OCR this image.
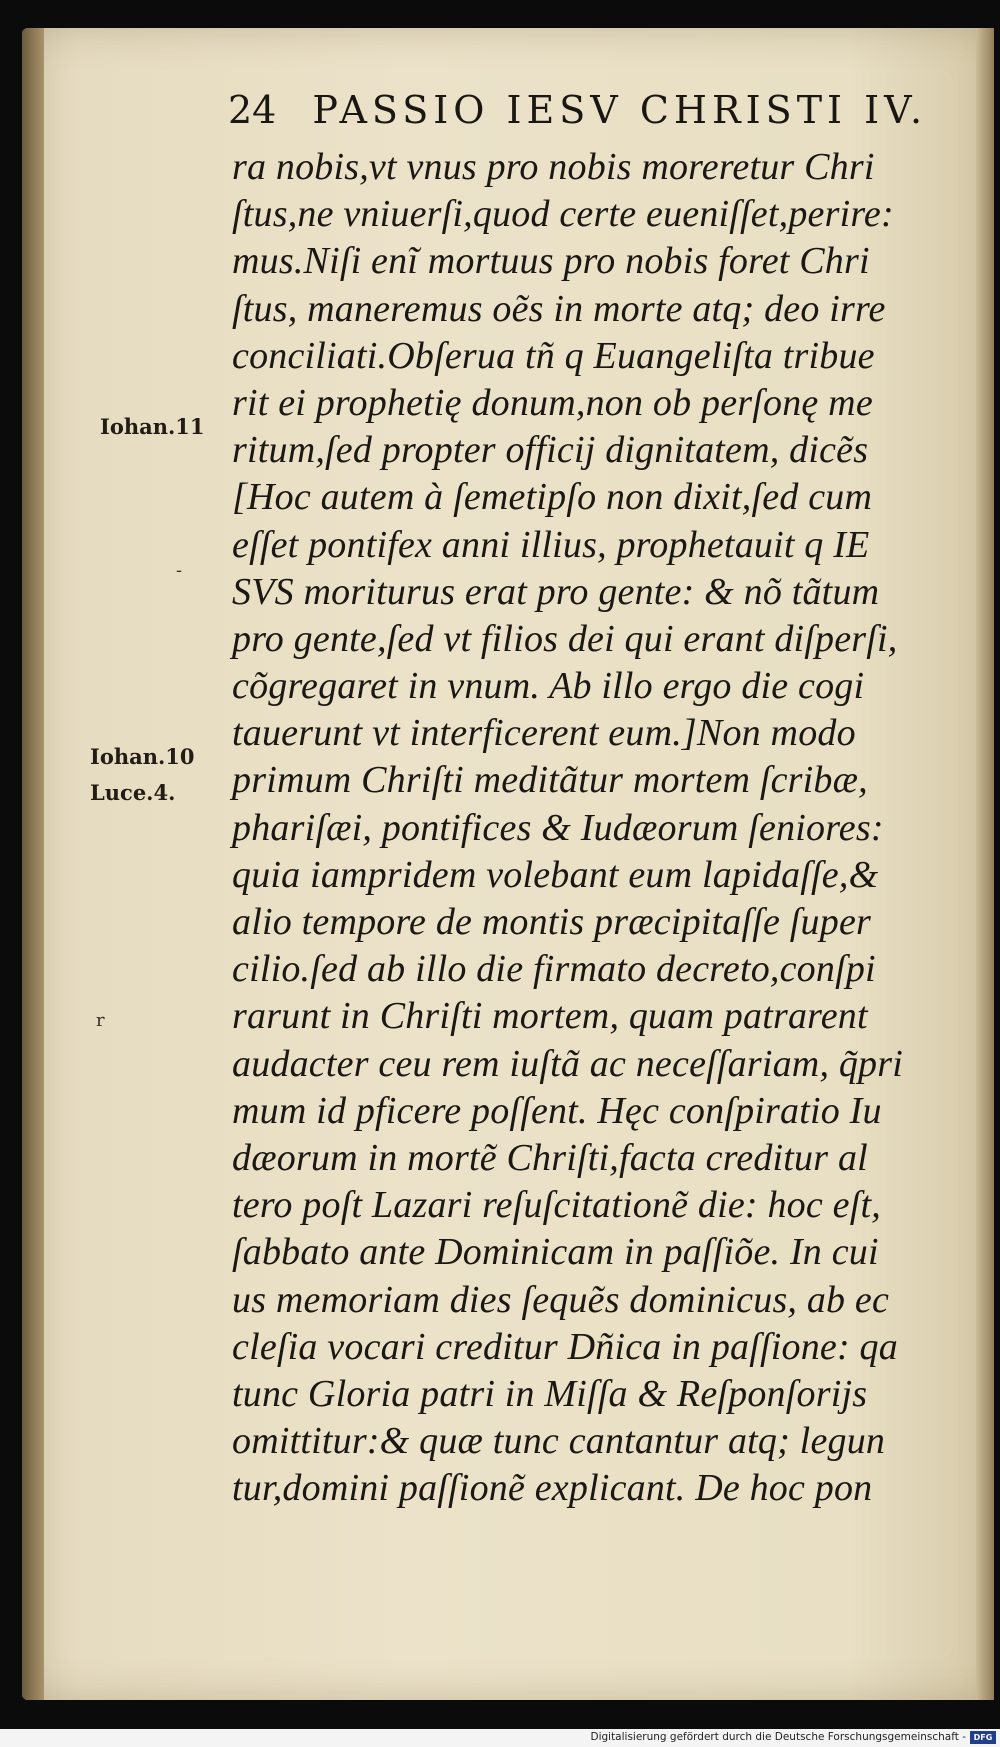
24 PASSIO IESV CHRISTI IV.
ra nobis,vt vnus pro nobis moreretur Chri
ſtus,ne vniuerſi,quod certe eueniſſet,perire:
mus.Niſi enĩ mortuus pro nobis foret Chri
ſtus, maneremus oẽs in morte atq; deo irre
conciliati.Obſerua tñ q Euangeliſta tribue
rit ei prophetię donum,non ob perſonę me
ritum,ſed propter officij dignitatem, dicẽs
[Hoc autem à ſemetipſo non dixit,ſed cum
eſſet pontifex anni illius, prophetauit q IE
SVS moriturus erat pro gente: & nõ tãtum
pro gente,ſed vt filios dei qui erant diſperſi,
cõgregaret in vnum. Ab illo ergo die cogi
tauerunt vt interficerent eum.]Non modo
primum Chriſti meditãtur mortem ſcribæ,
phariſæi, pontifices & Iudæorum ſeniores:
quia iampridem volebant eum lapidaſſe,&
alio tempore de montis præcipitaſſe ſuper
cilio.ſed ab illo die firmato decreto,conſpi
rarunt in Chriſti mortem, quam patrarent
audacter ceu rem iuſtã ac neceſſariam, q̃pri
mum id pficere poſſent. Hęc conſpiratio Iu
dæorum in mortẽ Chriſti,facta creditur al
tero poſt Lazari reſuſcitationẽ die: hoc eſt,
ſabbato ante Dominicam in paſſiõe. In cui
us memoriam dies ſequẽs dominicus, ab ec
cleſia vocari creditur Dñica in paſſione: qa
tunc Gloria patri in Miſſa & Reſponſorijs
omittitur:& quæ tunc cantantur atq; legun
tur,domini paſſionẽ explicant. De hoc pon
Iohan.11
Iohan.10
Luce.4.
-
r
Digitalisierung gefördert durch die Deutsche Forschungsgemeinschaft - DFG
